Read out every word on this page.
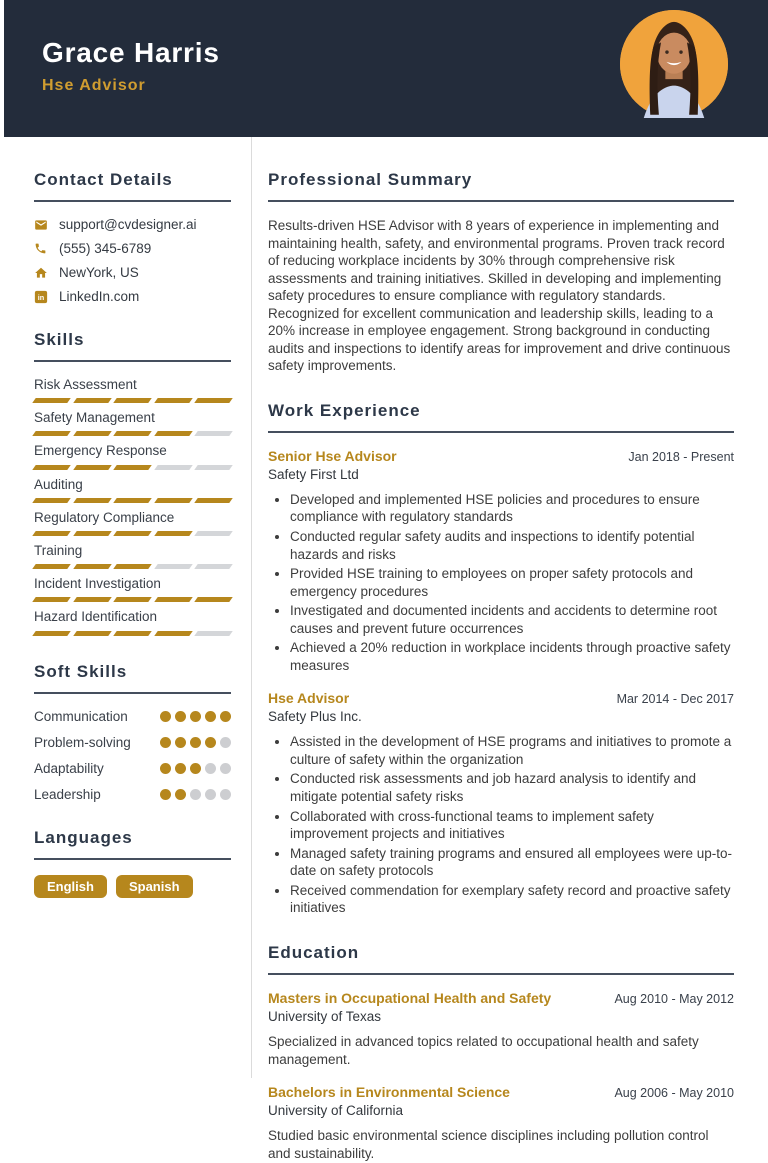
Grace Harris
Hse Advisor
Contact Details
support@cvdesigner.ai
(555) 345-6789
NewYork, US
in LinkedIn.com
Skills
Risk Assessment
Safety Management
Emergency Response
Auditing
Regulatory Compliance
Training
Incident Investigation
Hazard Identification
Soft Skills
Communication
Problem-solving
Adaptability
Leadership
Languages
English	Spanish
Professional Summary

Results-driven HSE Advisor with 8 years of experience in implementing and maintaining health, safety, and environmental programs. Proven track record of reducing workplace incidents by 30% through comprehensive risk assessments and training initiatives. Skilled in developing and implementing safety procedures to ensure compliance with regulatory standards. Recognized for excellent communication and leadership skills, leading to a 20% increase in employee engagement. Strong background in conducting audits and inspections to identify areas for improvement and drive continuous safety improvements.

Work Experience
Senior Hse Advisor	Jan 2018 - Present
Safety First Ltd
• Developed and implemented HSE policies and procedures to ensure compliance with regulatory standards
• Conducted regular safety audits and inspections to identify potential hazards and risks
• Provided HSE training to employees on proper safety protocols and emergency procedures
• Investigated and documented incidents and accidents to determine root causes and prevent future occurrences
• Achieved a 20% reduction in workplace incidents through proactive safety measures
Hse Advisor	Mar 2014 - Dec 2017
Safety Plus Inc.
• Assisted in the development of HSE programs and initiatives to promote a culture of safety within the organization
• Conducted risk assessments and job hazard analysis to identify and mitigate potential safety risks
• Collaborated with cross-functional teams to implement safety improvement projects and initiatives
• Managed safety training programs and ensured all employees were up-to-date on safety protocols
• Received commendation for exemplary safety record and proactive safety initiatives
Education
Masters in Occupational Health and Safety	Aug 2010 - May 2012
University of Texas

Specialized in advanced topics related to occupational health and safety management.

Bachelors in Environmental Science	Aug 2006 - May 2010
University of California

Studied basic environmental science disciplines including pollution control and sustainability.
